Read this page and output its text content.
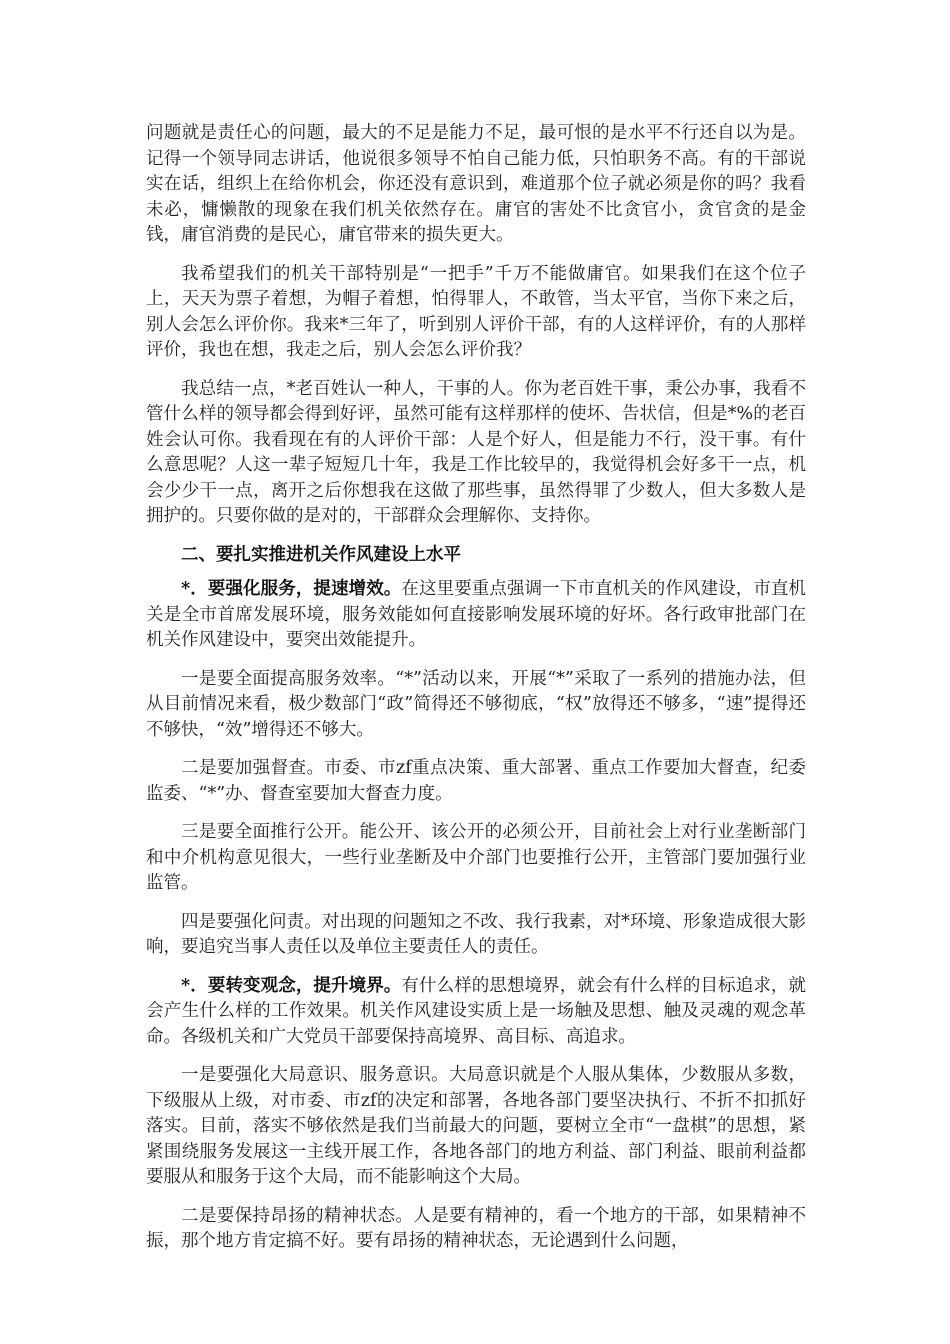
问题就是责任心的问题，最大的不足是能力不足，最可恨的是水平不行还自以为是。记得一个领导同志讲话，他说很多领导不怕自己能力低，只怕职务不高。有的干部说实在话，组织上在给你机会，你还没有意识到，难道那个位子就必须是你的吗？我看未必，慵懒散的现象在我们机关依然存在。庸官的害处不比贪官小，贪官贪的是金钱，庸官消费的是民心，庸官带来的损失更大。

我希望我们的机关干部特别是“一把手”千万不能做庸官。如果我们在这个位子上，天天为票子着想，为帽子着想，怕得罪人，不敢管，当太平官，当你下来之后，别人会怎么评价你。我来*三年了，听到别人评价干部，有的人这样评价，有的人那样评价，我也在想，我走之后，别人会怎么评价我？

我总结一点，*老百姓认一种人，干事的人。你为老百姓干事，秉公办事，我看不管什么样的领导都会得到好评，虽然可能有这样那样的使坏、告状信，但是*%的老百姓会认可你。我看现在有的人评价干部：人是个好人，但是能力不行，没干事。有什么意思呢？人这一辈子短短几十年，我是工作比较早的，我觉得机会好多干一点，机会少少干一点，离开之后你想我在这做了那些事，虽然得罪了少数人，但大多数人是拥护的。只要你做的是对的，干部群众会理解你、支持你。

二、要扎实推进机关作风建设上水平

*．要强化服务，提速增效。在这里要重点强调一下市直机关的作风建设，市直机关是全市首席发展环境，服务效能如何直接影响发展环境的好坏。各行政审批部门在机关作风建设中，要突出效能提升。

一是要全面提高服务效率。“*”活动以来，开展“*”采取了一系列的措施办法，但从目前情况来看，极少数部门“政”简得还不够彻底，“权”放得还不够多，“速”提得还不够快，“效”增得还不够大。

二是要加强督查。市委、市zf重点决策、重大部署、重点工作要加大督查，纪委监委、“*”办、督查室要加大督查力度。

三是要全面推行公开。能公开、该公开的必须公开，目前社会上对行业垄断部门和中介机构意见很大，一些行业垄断及中介部门也要推行公开，主管部门要加强行业监管。

四是要强化问责。对出现的问题知之不改、我行我素，对*环境、形象造成很大影响，要追究当事人责任以及单位主要责任人的责任。

*．要转变观念，提升境界。有什么样的思想境界，就会有什么样的目标追求，就会产生什么样的工作效果。机关作风建设实质上是一场触及思想、触及灵魂的观念革命。各级机关和广大党员干部要保持高境界、高目标、高追求。

一是要强化大局意识、服务意识。大局意识就是个人服从集体，少数服从多数，下级服从上级，对市委、市zf的决定和部署，各地各部门要坚决执行、不折不扣抓好落实。目前，落实不够依然是我们当前最大的问题，要树立全市“一盘棋”的思想，紧紧围绕服务发展这一主线开展工作，各地各部门的地方利益、部门利益、眼前利益都要服从和服务于这个大局，而不能影响这个大局。

二是要保持昂扬的精神状态。人是要有精神的，看一个地方的干部，如果精神不振，那个地方肯定搞不好。要有昂扬的精神状态，无论遇到什么问题，
